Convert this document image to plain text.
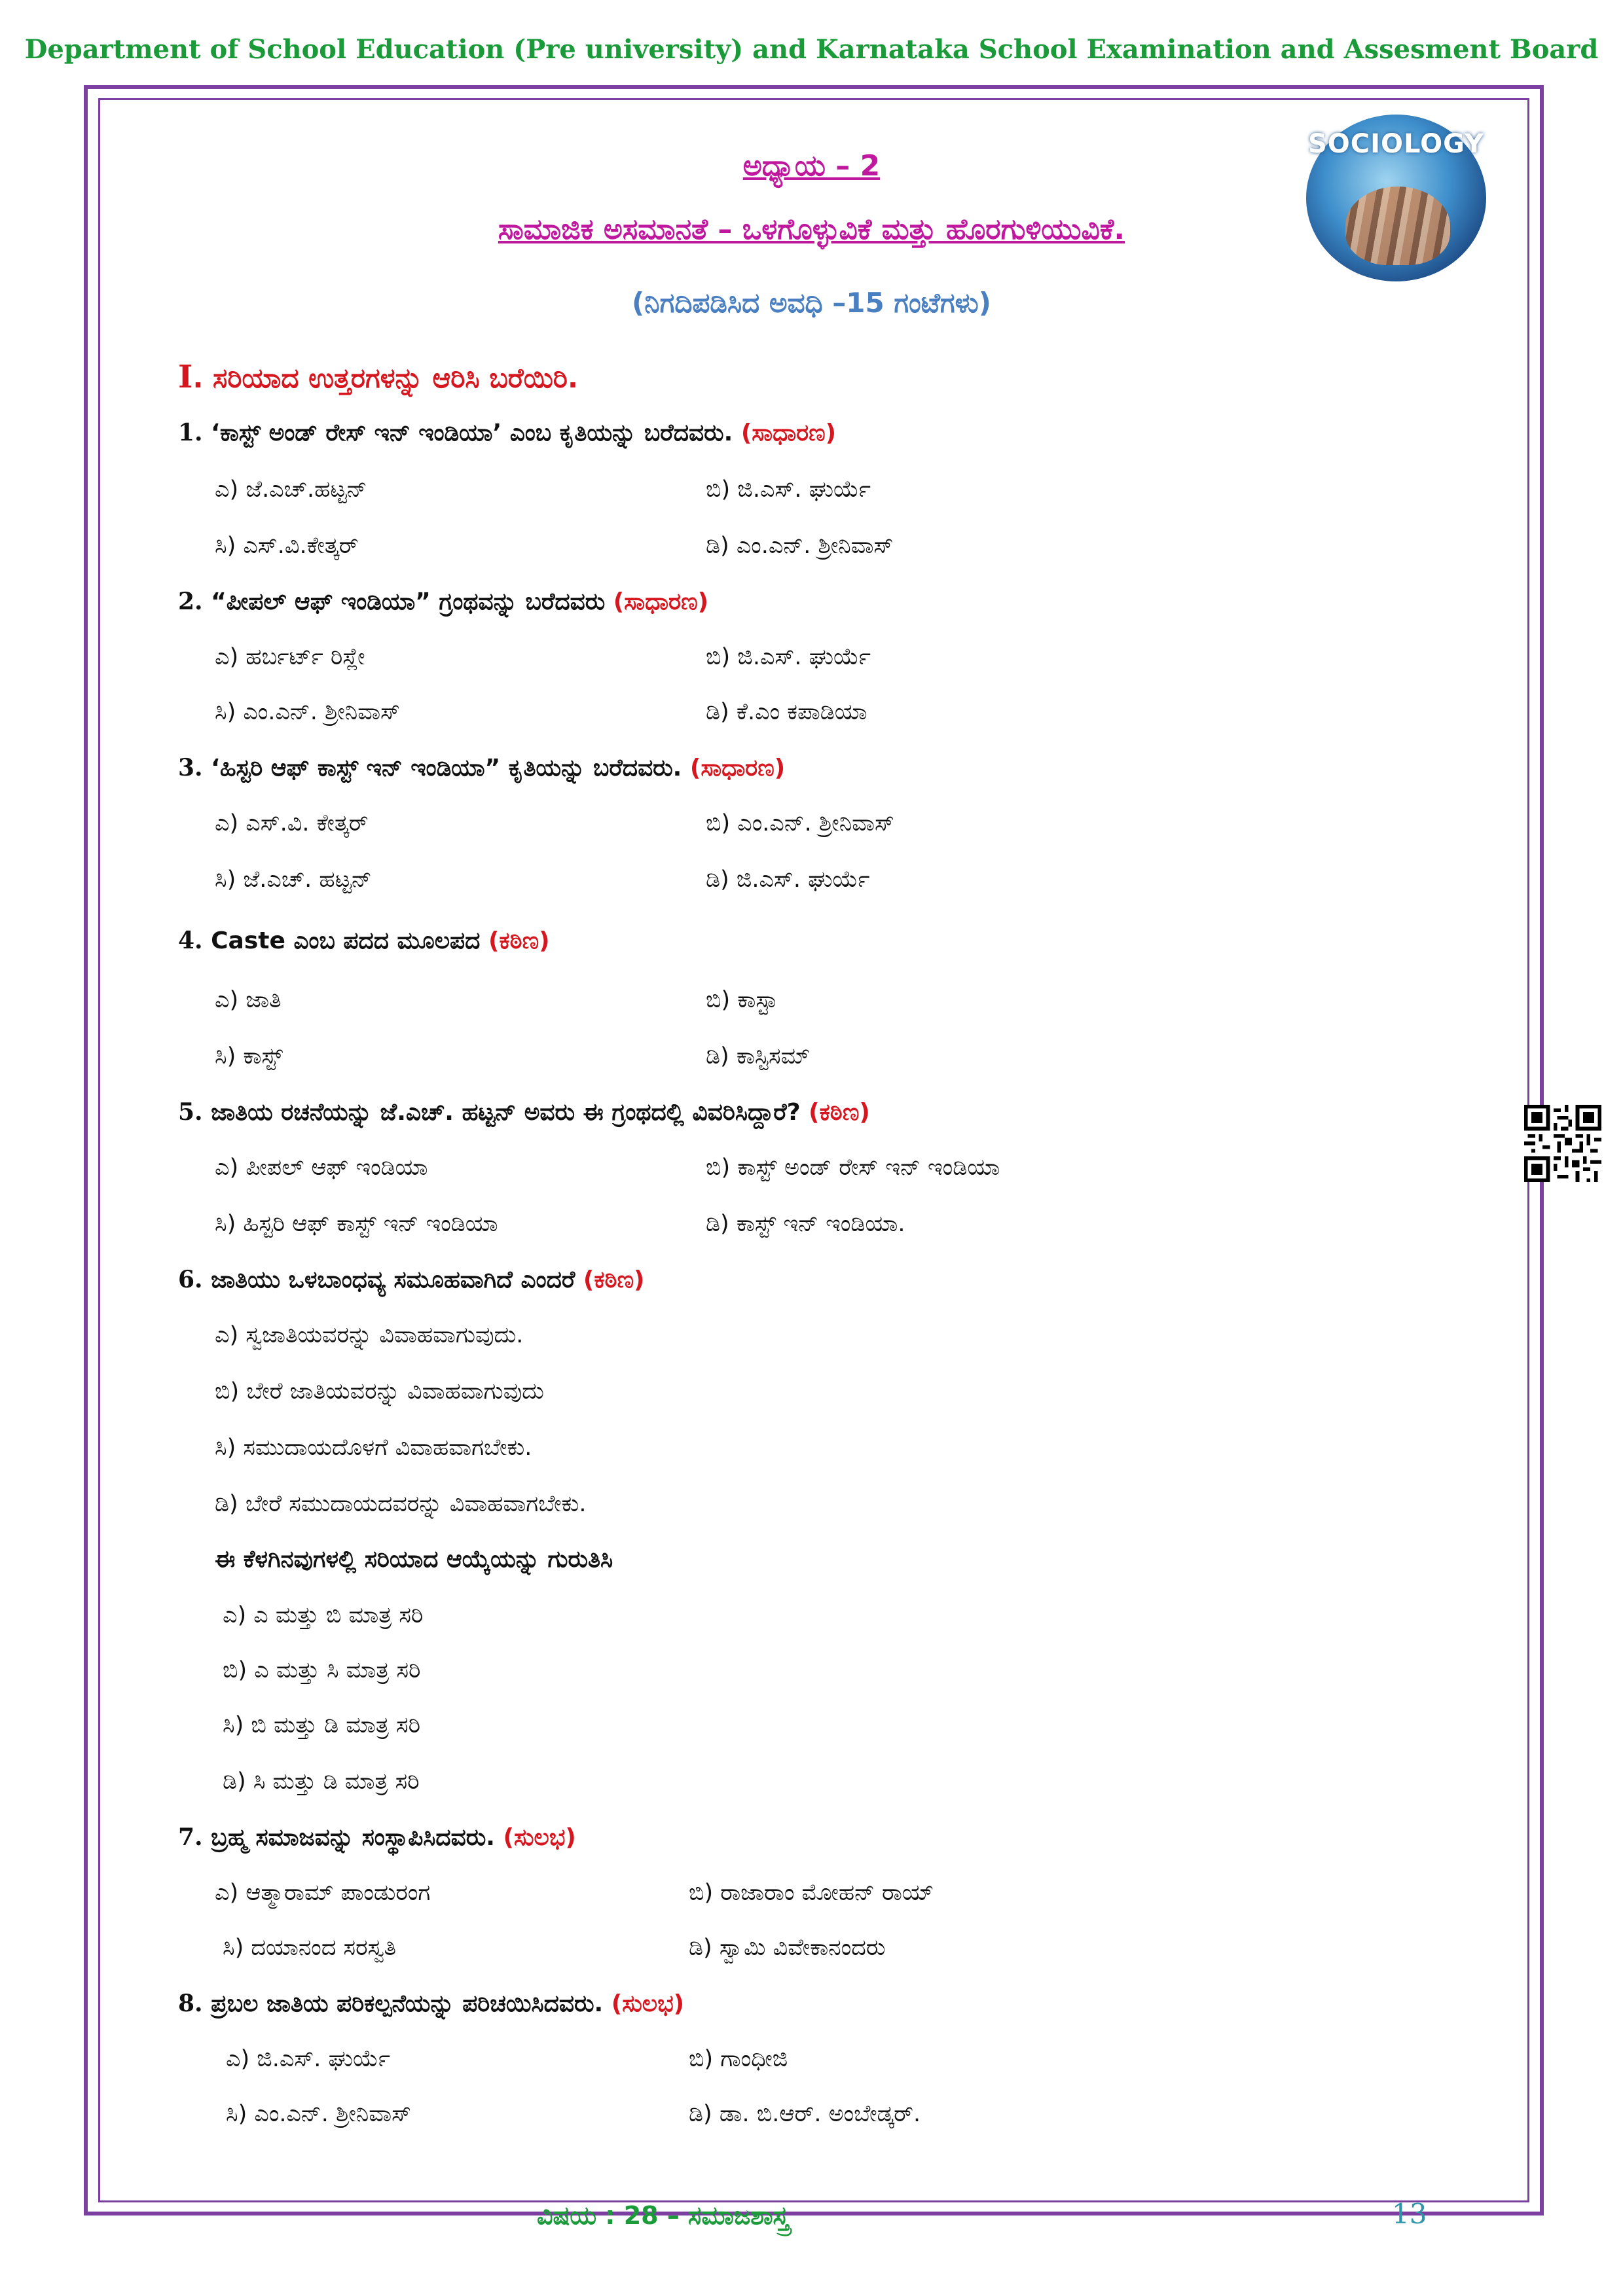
Department of School Education (Pre university) and Karnataka School Examination and Assesment Board
SOCIOLOGY
ಅಧ್ಯಾಯ – 2
ಸಾಮಾಜಿಕ ಅಸಮಾನತೆ – ಒಳಗೊಳ್ಳುವಿಕೆ ಮತ್ತು ಹೊರಗುಳಿಯುವಿಕೆ.
(ನಿಗದಿಪಡಿಸಿದ ಅವಧಿ –15 ಗಂಟೆಗಳು)
I. ಸರಿಯಾದ ಉತ್ತರಗಳನ್ನು ಆರಿಸಿ ಬರೆಯಿರಿ.
1. ‘ಕಾಸ್ಟ್ ಅಂಡ್ ರೇಸ್ ಇನ್ ಇಂಡಿಯಾ’ ಎಂಬ ಕೃತಿಯನ್ನು ಬರೆದವರು. (ಸಾಧಾರಣ)
ಎ) ಜೆ.ಎಚ್.ಹಟ್ಟನ್	ಬಿ) ಜಿ.ಎಸ್. ಘುರ್ಯೆ
ಸಿ) ಎಸ್.ವಿ.ಕೇತ್ಕರ್	ಡಿ) ಎಂ.ಎನ್. ಶ್ರೀನಿವಾಸ್
2. “ಪೀಪಲ್ ಆಫ್ ಇಂಡಿಯಾ” ಗ್ರಂಥವನ್ನು ಬರೆದವರು (ಸಾಧಾರಣ)
ಎ) ಹರ್ಬರ್ಟ್ ರಿಸ್ಲೇ	ಬಿ) ಜಿ.ಎಸ್. ಘುರ್ಯೆ
ಸಿ) ಎಂ.ಎನ್. ಶ್ರೀನಿವಾಸ್	ಡಿ) ಕೆ.ಎಂ ಕಪಾಡಿಯಾ
3. ‘ಹಿಸ್ಟರಿ ಆಫ್ ಕಾಸ್ಟ್ ಇನ್ ಇಂಡಿಯಾ” ಕೃತಿಯನ್ನು ಬರೆದವರು. (ಸಾಧಾರಣ)
ಎ) ಎಸ್.ವಿ. ಕೇತ್ಕರ್	ಬಿ) ಎಂ.ಎನ್. ಶ್ರೀನಿವಾಸ್
ಸಿ) ಜೆ.ಎಚ್. ಹಟ್ಟನ್	ಡಿ) ಜಿ.ಎಸ್. ಘುರ್ಯೆ
4. Caste ಎಂಬ ಪದದ ಮೂಲಪದ (ಕಠಿಣ)
ಎ) ಜಾತಿ	ಬಿ) ಕಾಸ್ಟಾ
ಸಿ) ಕಾಸ್ಟ್	ಡಿ) ಕಾಸ್ಟಿಸಮ್
5. ಜಾತಿಯ ರಚನೆಯನ್ನು ಜೆ.ಎಚ್. ಹಟ್ಟನ್ ಅವರು ಈ ಗ್ರಂಥದಲ್ಲಿ ವಿವರಿಸಿದ್ದಾರೆ? (ಕಠಿಣ)
ಎ) ಪೀಪಲ್ ಆಫ್ ಇಂಡಿಯಾ	ಬಿ) ಕಾಸ್ಟ್ ಅಂಡ್ ರೇಸ್ ಇನ್ ಇಂಡಿಯಾ
ಸಿ) ಹಿಸ್ಟರಿ ಆಫ್ ಕಾಸ್ಟ್ ಇನ್ ಇಂಡಿಯಾ	ಡಿ) ಕಾಸ್ಟ್ ಇನ್ ಇಂಡಿಯಾ.
6. ಜಾತಿಯು ಒಳಬಾಂಧವ್ಯ ಸಮೂಹವಾಗಿದೆ ಎಂದರೆ (ಕಠಿಣ)
ಎ) ಸ್ವಜಾತಿಯವರನ್ನು ವಿವಾಹವಾಗುವುದು.
ಬಿ) ಬೇರೆ ಜಾತಿಯವರನ್ನು ವಿವಾಹವಾಗುವುದು
ಸಿ) ಸಮುದಾಯದೊಳಗೆ ವಿವಾಹವಾಗಬೇಕು.
ಡಿ) ಬೇರೆ ಸಮುದಾಯದವರನ್ನು ವಿವಾಹವಾಗಬೇಕು.
ಈ ಕೆಳಗಿನವುಗಳಲ್ಲಿ ಸರಿಯಾದ ಆಯ್ಕೆಯನ್ನು ಗುರುತಿಸಿ
ಎ) ಎ ಮತ್ತು ಬಿ ಮಾತ್ರ ಸರಿ
ಬಿ) ಎ ಮತ್ತು ಸಿ ಮಾತ್ರ ಸರಿ
ಸಿ) ಬಿ ಮತ್ತು ಡಿ ಮಾತ್ರ ಸರಿ
ಡಿ) ಸಿ ಮತ್ತು ಡಿ ಮಾತ್ರ ಸರಿ
7. ಬ್ರಹ್ಮ ಸಮಾಜವನ್ನು ಸಂಸ್ಥಾಪಿಸಿದವರು. (ಸುಲಭ)
ಎ) ಆತ್ಮಾರಾಮ್ ಪಾಂಡುರಂಗ	ಬಿ) ರಾಜಾರಾಂ ಮೋಹನ್ ರಾಯ್
ಸಿ) ದಯಾನಂದ ಸರಸ್ವತಿ	ಡಿ) ಸ್ವಾಮಿ ವಿವೇಕಾನಂದರು
8. ಪ್ರಬಲ ಜಾತಿಯ ಪರಿಕಲ್ಪನೆಯನ್ನು ಪರಿಚಯಿಸಿದವರು. (ಸುಲಭ)
ಎ) ಜಿ.ಎಸ್. ಘುರ್ಯೆ	ಬಿ) ಗಾಂಧೀಜಿ
ಸಿ) ಎಂ.ಎನ್. ಶ್ರೀನಿವಾಸ್	ಡಿ) ಡಾ. ಬಿ.ಆರ್. ಅಂಬೇಡ್ಕರ್.
ವಿಷಯ : 28 – ಸಮಾಜಶಾಸ್ತ್ರ	13
